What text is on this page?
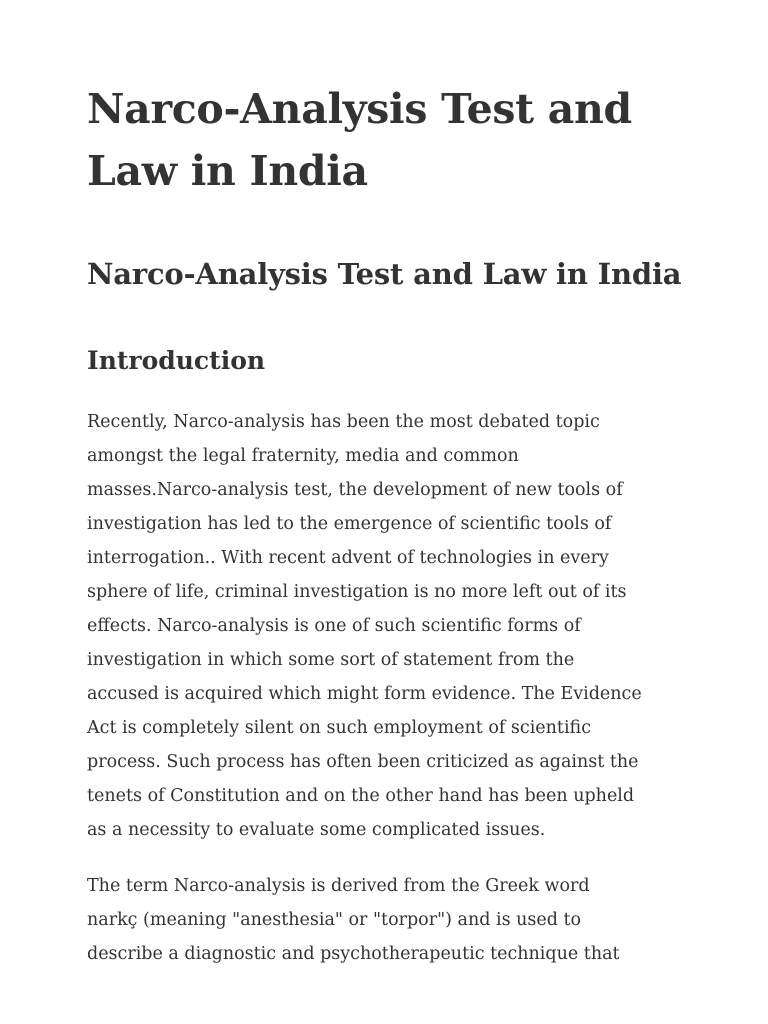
Narco-Analysis Test and
Law in India
Narco-Analysis Test and Law in India
Introduction

Recently, Narco-analysis has been the most debated topic
amongst the legal fraternity, media and common
masses.Narco-analysis test, the development of new tools of
investigation has led to the emergence of scientific tools of
interrogation.. With recent advent of technologies in every
sphere of life, criminal investigation is no more left out of its
effects. Narco-analysis is one of such scientific forms of
investigation in which some sort of statement from the
accused is acquired which might form evidence. The Evidence
Act is completely silent on such employment of scientific
process. Such process has often been criticized as against the
tenets of Constitution and on the other hand has been upheld
as a necessity to evaluate some complicated issues.

The term Narco-analysis is derived from the Greek word
narkç (meaning "anesthesia" or "torpor") and is used to
describe a diagnostic and psychotherapeutic technique that
